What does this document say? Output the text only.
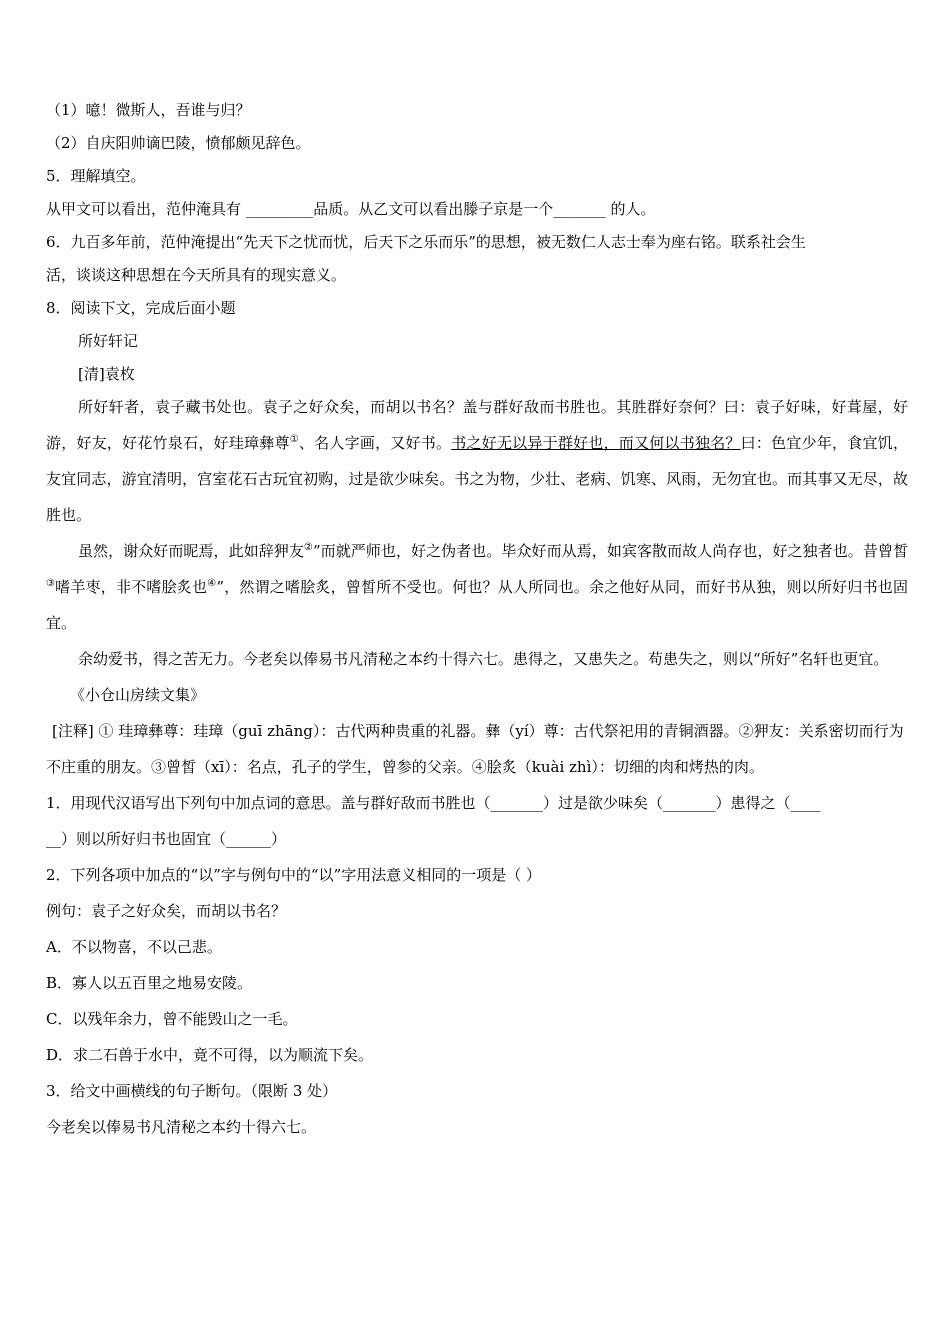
（1）噫！微斯人，吾谁与归？

（2）自庆阳帅谪巴陵，愤郁颇见辞色。

5．理解填空。

从甲文可以看出，范仲淹具有 _________品质。从乙文可以看出滕子京是一个_______ 的人。

6．九百多年前，范仲淹提出“先天下之忧而忧，后天下之乐而乐”的思想，被无数仁人志士奉为座右铭。联系社会生

活，谈谈这种思想在今天所具有的现实意义。

8．阅读下文，完成后面小题

所好轩记

[清]袁枚

所好轩者，袁子藏书处也。袁子之好众矣，而胡以书名？盖与群好敌而书胜也。其胜群好奈何？曰：袁子好味，好葺屋，好游，好友，好花竹泉石，好珪璋彝尊①、名人字画，又好书。书之好无以异于群好也，而又何以书独名？曰：色宜少年，食宜饥，友宜同志，游宜清明，宫室花石古玩宜初购，过是欲少味矣。书之为物，少壮、老病、饥寒、风雨，无勿宜也。而其事又无尽，故胜也。

虽然，谢众好而昵焉，此如辞狎友②”而就严师也，好之伪者也。毕众好而从焉，如宾客散而故人尚存也，好之独者也。昔曾皙③嗜羊枣，非不嗜脍炙也④”，然谓之嗜脍炙，曾皙所不受也。何也？从人所同也。余之他好从同，而好书从独，则以所好归书也固宜。

余幼爱书，得之苦无力。今老矣以俸易书凡清秘之本约十得六七。患得之，又患失之。苟患失之，则以“所好”名轩也更宜。

《小仓山房续文集》

[注释] ① 珪璋彝尊：珪璋（guī zhāng）：古代两种贵重的礼器。彝（yí）尊：古代祭祀用的青铜酒器。②狎友：关系密切而行为不庄重的朋友。③曾皙（xī）：名点，孔子的学生，曾参的父亲。④脍炙（kuài zhì）：切细的肉和烤热的肉。

1．用现代汉语写出下列句中加点词的意思。盖与群好敌而书胜也（_______）过是欲少味矣（_______）患得之（____

__）则以所好归书也固宜（______）

2．下列各项中加点的“以”字与例句中的“以”字用法意义相同的一项是（ ）

例句：袁子之好众矣，而胡以书名？

A．不以物喜，不以己悲。

B．寡人以五百里之地易安陵。

C．以残年余力，曾不能毁山之一毛。

D．求二石兽于水中，竟不可得，以为顺流下矣。

3．给文中画横线的句子断句。（限断 3 处）

今老矣以俸易书凡清秘之本约十得六七。
